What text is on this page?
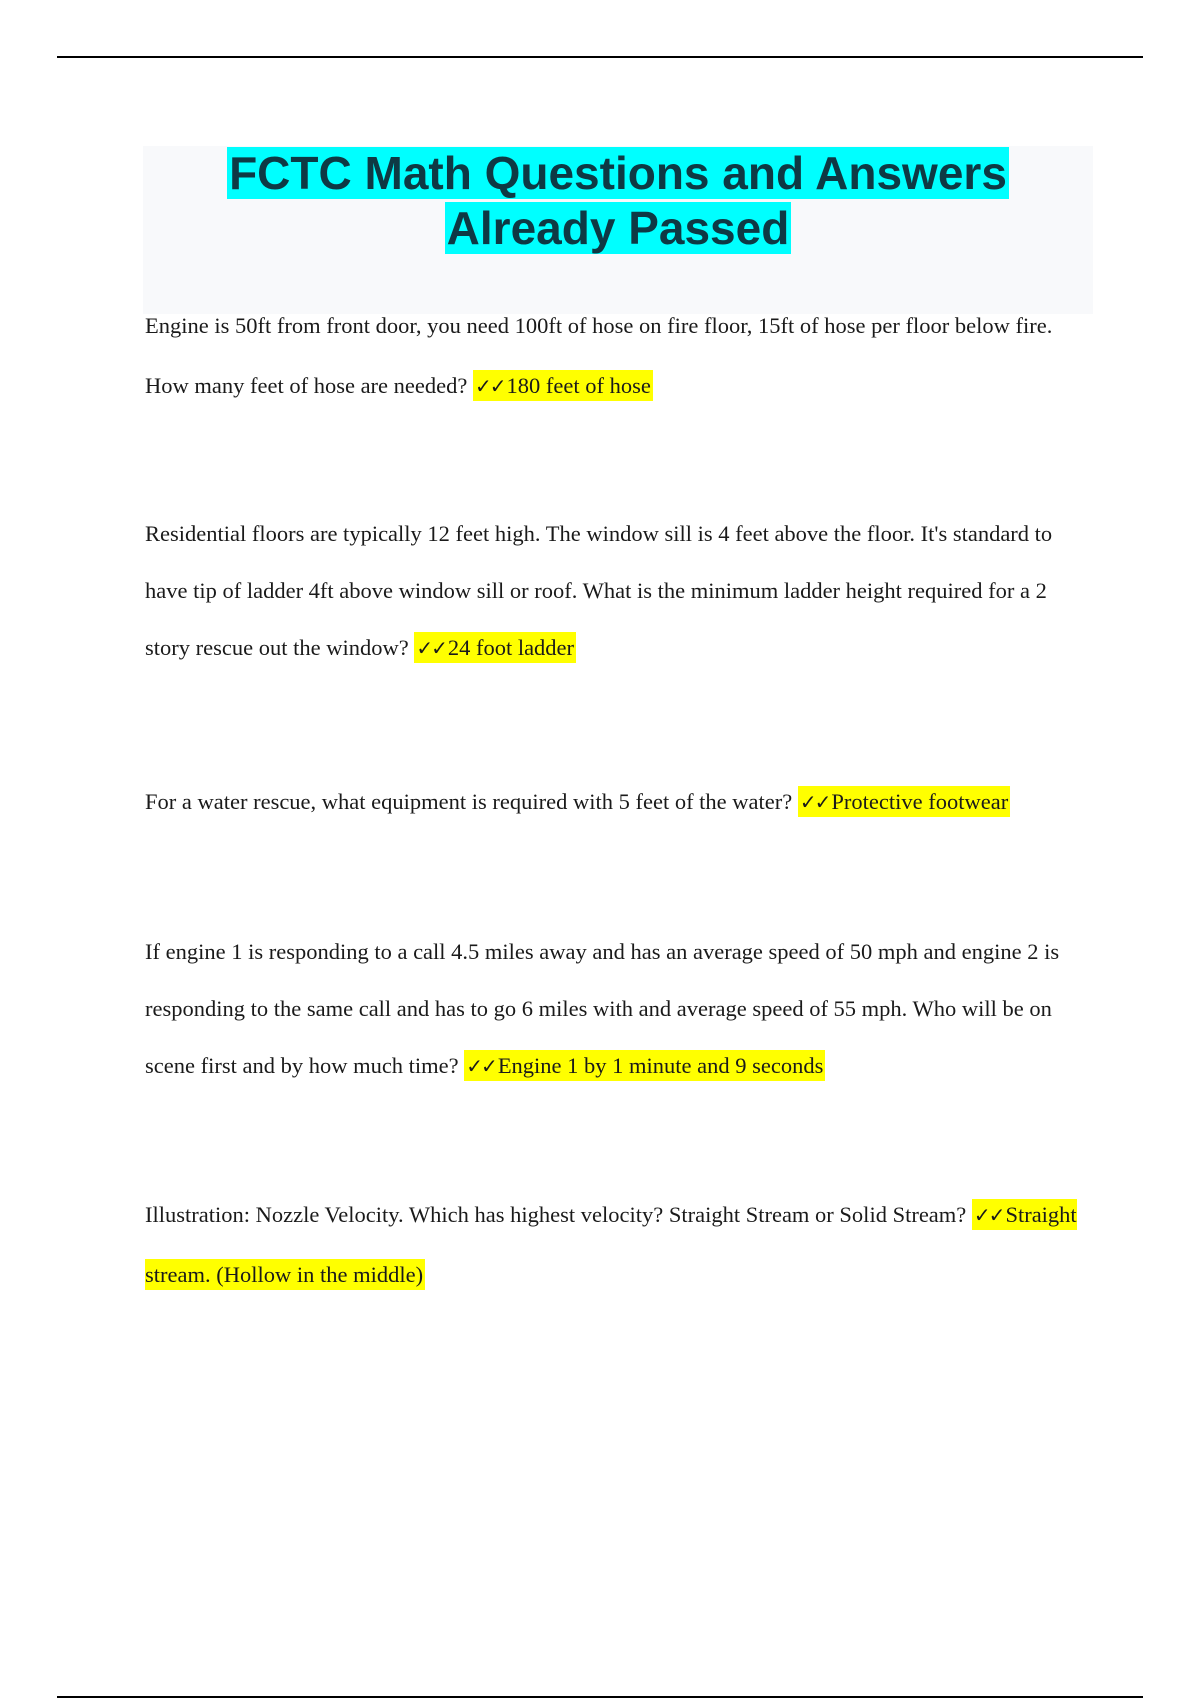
FCTC Math Questions and Answers
Already Passed

Engine is 50ft from front door, you need 100ft of hose on fire floor, 15ft of hose per floor below fire. How many feet of hose are needed? ✓✓180 feet of hose

Residential floors are typically 12 feet high. The window sill is 4 feet above the floor. It's standard to have tip of ladder 4ft above window sill or roof. What is the minimum ladder height required for a 2 story rescue out the window? ✓✓24 foot ladder

For a water rescue, what equipment is required with 5 feet of the water? ✓✓Protective footwear

If engine 1 is responding to a call 4.5 miles away and has an average speed of 50 mph and engine 2 is responding to the same call and has to go 6 miles with and average speed of 55 mph. Who will be on scene first and by how much time? ✓✓Engine 1 by 1 minute and 9 seconds

Illustration: Nozzle Velocity. Which has highest velocity? Straight Stream or Solid Stream? ✓✓Straight stream. (Hollow in the middle)
